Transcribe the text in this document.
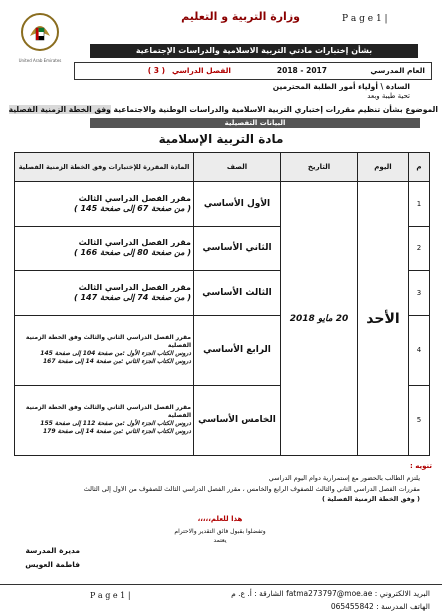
P a g e 1 |
وزارة التربية و التعليم
United Arab Emirates
بشأن إختبارات مادتي التربية الاسلامية والدراسات الإجتماعية
العام المدرسي
2017 - 2018
الفصل الدراسي
( 3 )
السادة \ أولياء أمور الطلبة المحترمين
تحية طيبة وبعد
الموضوع بشأن تنظيم مقررات إختباري التربية الاسلامية والدراسات الوطنية والاجتماعية وفق الخطة الزمنية الفصلية
البيانات التفصيلية
مادة التربية الإسلامية
م	اليوم	التاريخ	الصف	المادة المقررة للإختبارات وفق الخطة الزمنية الفصلية
1	الأحد	20 مايو 2018	الأول الأساسي	مقرر الفصل الدراسي الثالث
( من صفحة 67 إلى صفحة 145 )

2			الثاني الأساسي	مقرر الفصل الدراسي الثالث
( من صفحة 80 إلى صفحة 166 )

3			الثالث الأساسي	مقرر الفصل الدراسي الثالث
( من صفحة 74 إلى صفحة 147 )

4			الرابع الأساسي	مقرر الفصل الدراسي الثاني والثالث وفق الخطة الزمنية الفصلية
دروس الكتاب الجزء الأول :من صفحة 104 إلى صفحة 145
دروس الكتاب الجزء الثاني :من صفحة 14 إلى صفحة 167

5			الخامس الأساسي	مقرر الفصل الدراسي الثاني والثالث وفق الخطة الزمنية الفصلية
دروس الكتاب الجزء الأول :من صفحة 112 إلى صفحة 155
دروس الكتاب الجزء الثاني :من صفحة 14 إلى صفحة 179
تنويه :
يلتزم الطالب بالحضور مع إستمرارية دوام اليوم الدراسي
مقررات الفصل الدراسي الثاني والثالث للصفوف الرابع والخامس ، مقرر الفصل الدراسي الثالث للصفوف من الاول إلى الثالث
( وفق الخطة الزمنية الفصلية )
هذا للعلم،،،،،
وتفضلوا بقبول فائق التقدير والاحترام
يعتمد
مديرة المدرسة
فاطمة العويس
P a g e 1 |	البريد الالكتروني : fatma273797@moe.ae الشارقة : أ. ع. م
الهاتف المدرسة : 065455842
